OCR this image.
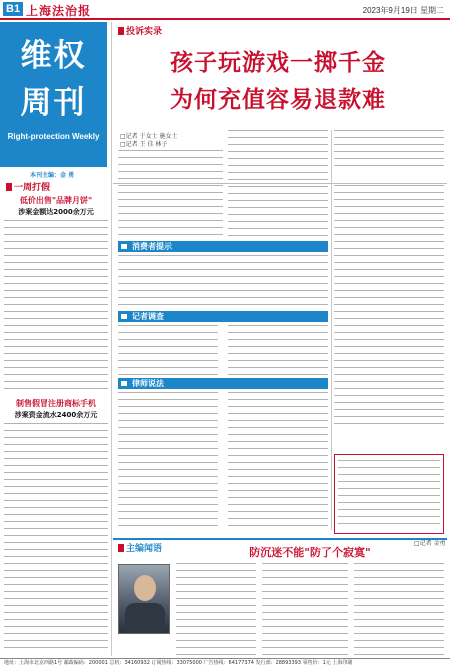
B1 上海法治报	2023年9月19日 星期二
维权
周刊
Right-protection Weekly
本刊主编：金 勇
投诉实录
孩子玩游戏一掷千金
为何充值容易退款难
□记者 于女士 施女士
□记者 王 佳 林子
消费者提示
记者调查
律师说法
□记者 金勇
一周打假
低价出售"品牌月饼"
涉案金额达2000余万元
制售假冒注册商标手机
涉案资金流水2400余万元
主编闻语	防沉迷不能"防了个寂寞"
地址：上海市北京西路1号 邮政编码：200001 总机：34160932 订阅热线：33075000 广告热线：64177374 发行部：28893393 零售价：1元 上海印刷
